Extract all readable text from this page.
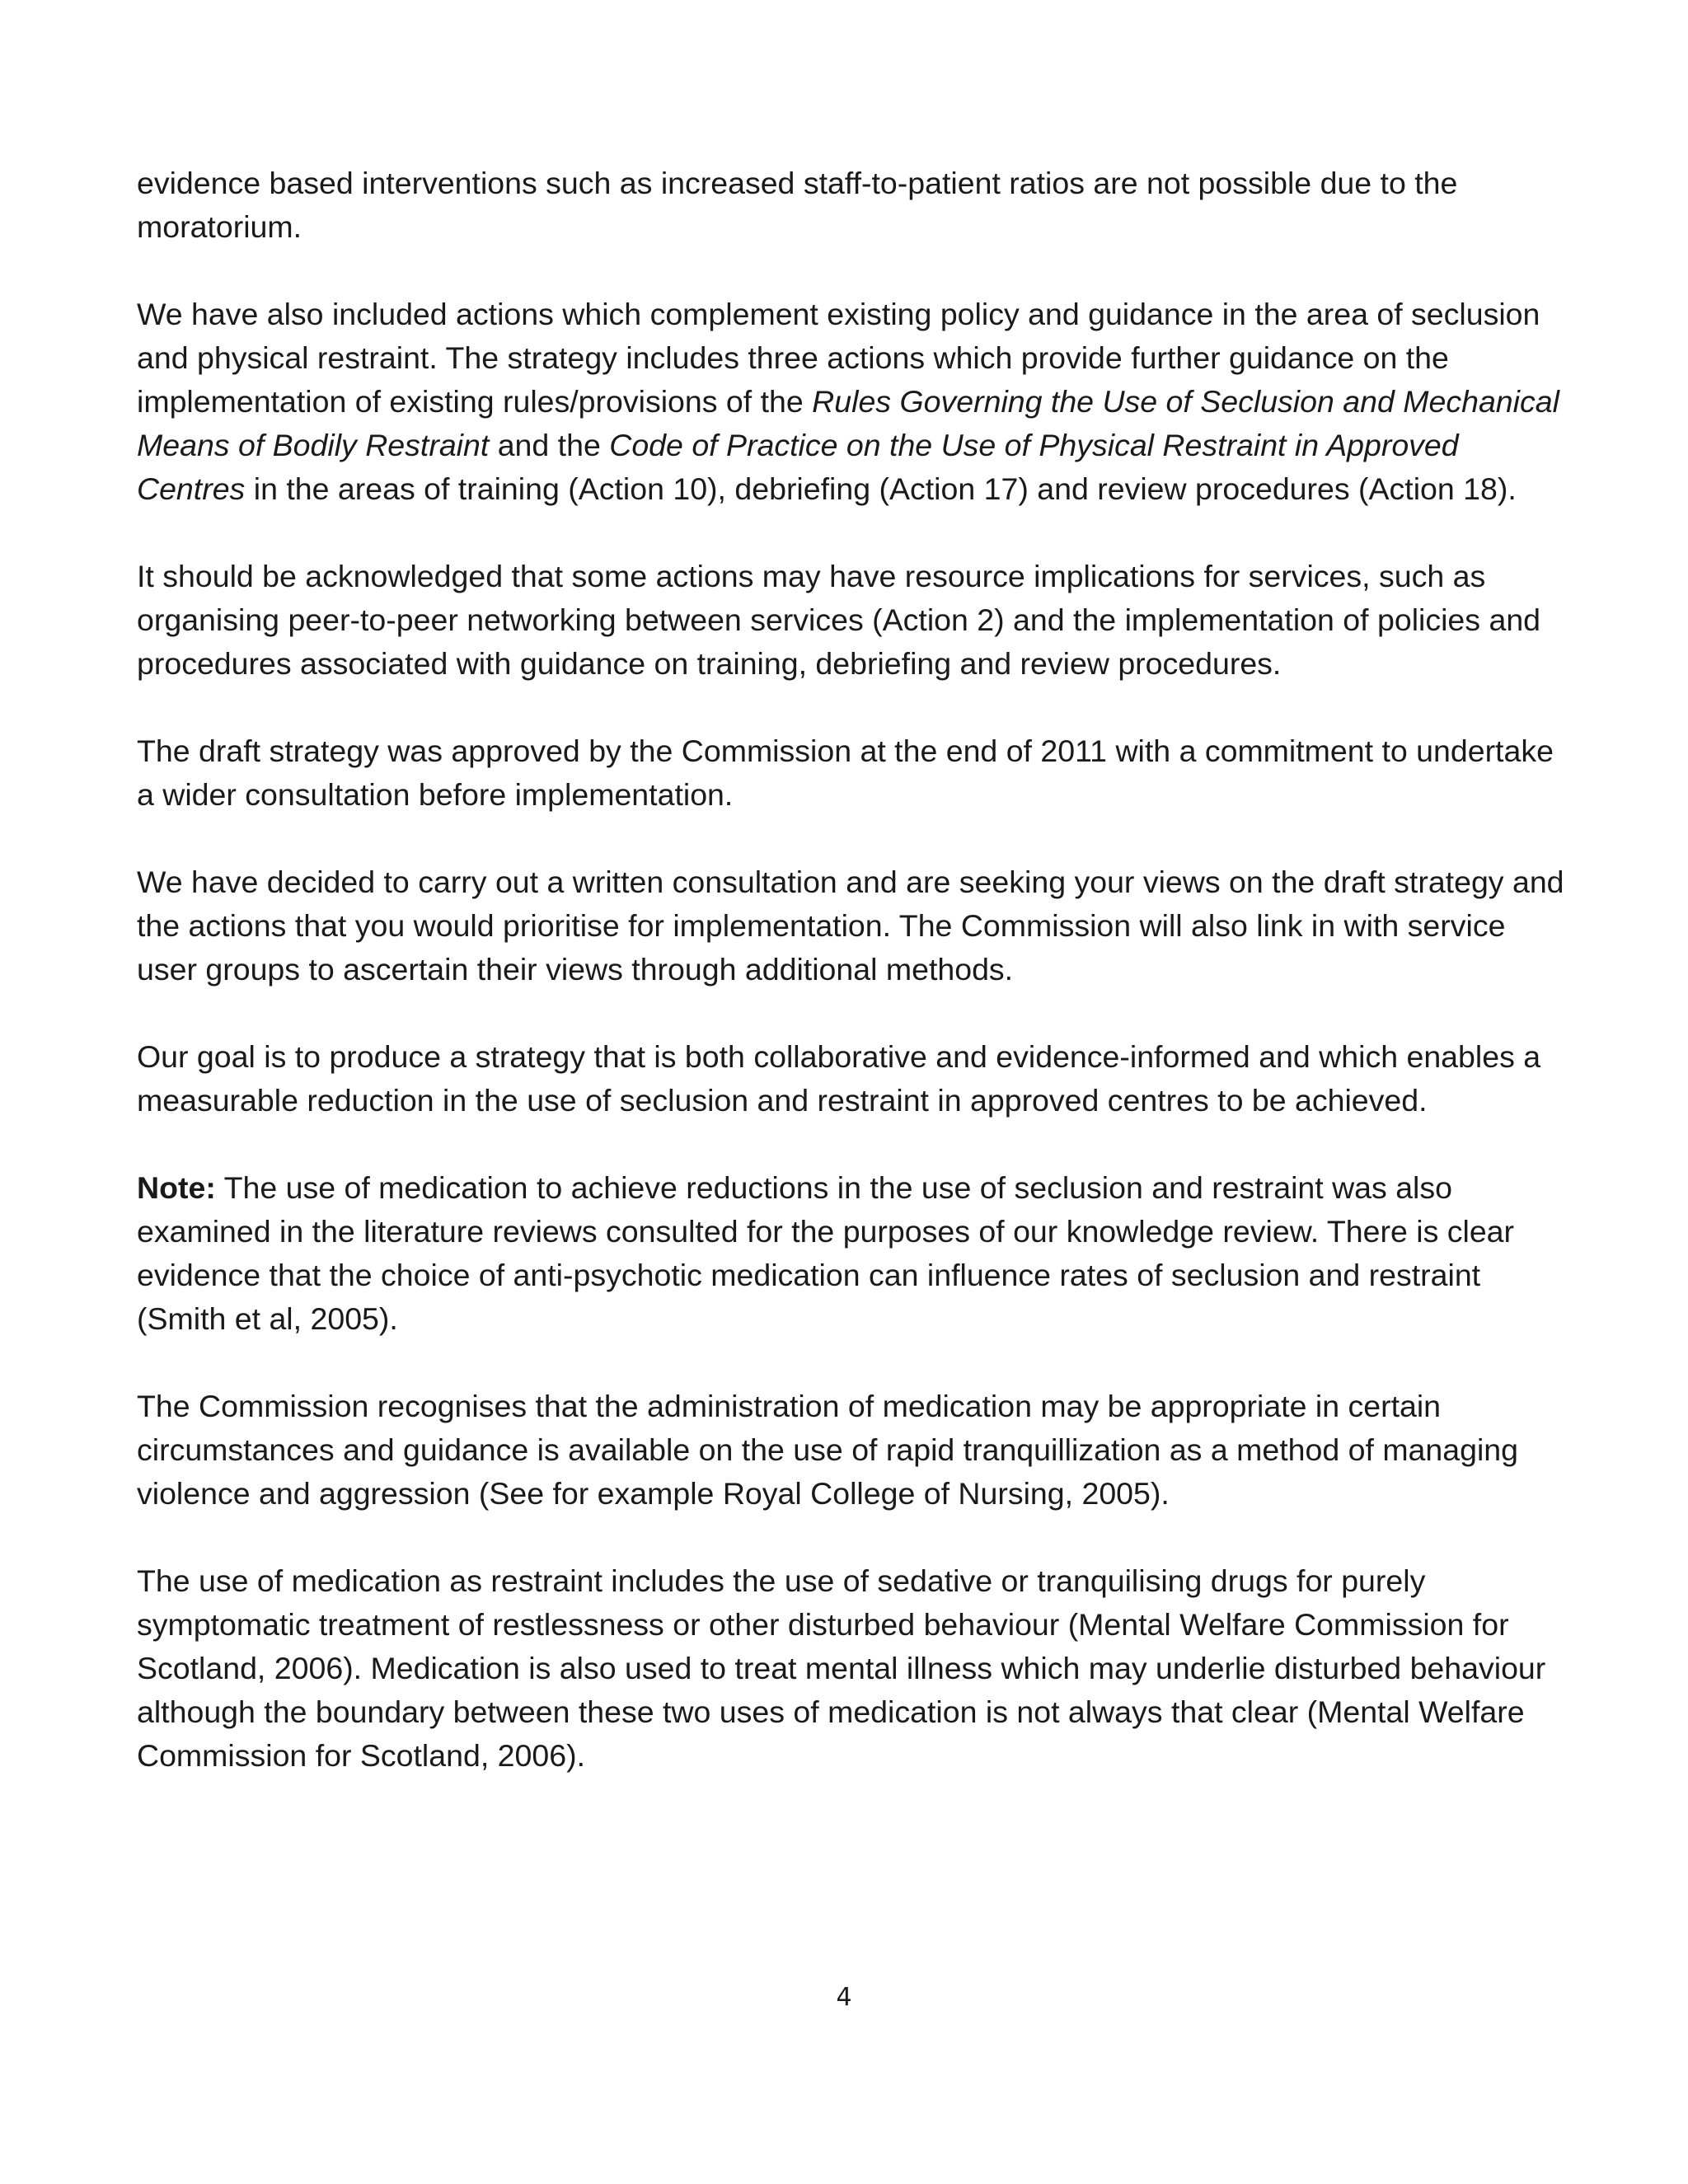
evidence based interventions such as increased staff-to-patient ratios are not possible due to the moratorium.

We have also included actions which complement existing policy and guidance in the area of seclusion and physical restraint. The strategy includes three actions which provide further guidance on the implementation of existing rules/provisions of the Rules Governing the Use of Seclusion and Mechanical Means of Bodily Restraint and the Code of Practice on the Use of Physical Restraint in Approved Centres in the areas of training (Action 10), debriefing (Action 17) and review procedures (Action 18).

It should be acknowledged that some actions may have resource implications for services, such as organising peer-to-peer networking between services (Action 2) and the implementation of policies and procedures associated with guidance on training, debriefing and review procedures.

The draft strategy was approved by the Commission at the end of 2011 with a commitment to undertake a wider consultation before implementation.

We have decided to carry out a written consultation and are seeking your views on the draft strategy and the actions that you would prioritise for implementation. The Commission will also link in with service user groups to ascertain their views through additional methods.

Our goal is to produce a strategy that is both collaborative and evidence-informed and which enables a measurable reduction in the use of seclusion and restraint in approved centres to be achieved.

Note: The use of medication to achieve reductions in the use of seclusion and restraint was also examined in the literature reviews consulted for the purposes of our knowledge review. There is clear evidence that the choice of anti-psychotic medication can influence rates of seclusion and restraint (Smith et al, 2005).

The Commission recognises that the administration of medication may be appropriate in certain circumstances and guidance is available on the use of rapid tranquillization as a method of managing violence and aggression (See for example Royal College of Nursing, 2005).

The use of medication as restraint includes the use of sedative or tranquilising drugs for purely symptomatic treatment of restlessness or other disturbed behaviour (Mental Welfare Commission for Scotland, 2006). Medication is also used to treat mental illness which may underlie disturbed behaviour although the boundary between these two uses of medication is not always that clear (Mental Welfare Commission for Scotland, 2006).

4
